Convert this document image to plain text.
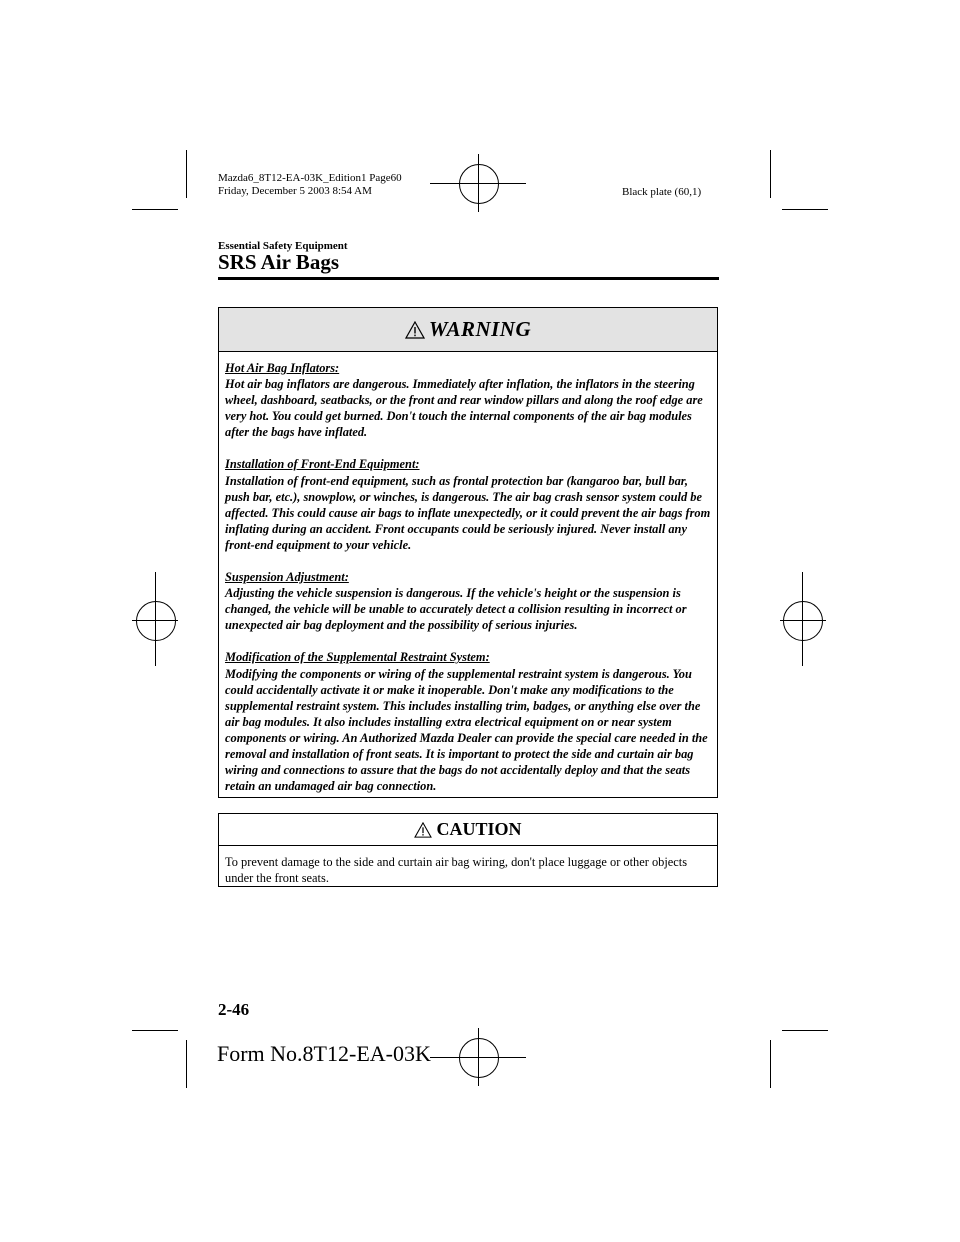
Mazda6_8T12-EA-03K_Edition1 Page60
Friday, December 5 2003 8:54 AM	Black plate (60,1)
Essential Safety Equipment
SRS Air Bags
WARNING
Hot Air Bag Inflators:
Hot air bag inflators are dangerous. Immediately after inflation, the inflators in the steering wheel, dashboard, seatbacks, or the front and rear window pillars and along the roof edge are very hot. You could get burned. Don't touch the internal components of the air bag modules after the bags have inflated.
Installation of Front-End Equipment:
Installation of front-end equipment, such as frontal protection bar (kangaroo bar, bull bar, push bar, etc.), snowplow, or winches, is dangerous. The air bag crash sensor system could be affected. This could cause air bags to inflate unexpectedly, or it could prevent the air bags from inflating during an accident. Front occupants could be seriously injured. Never install any front-end equipment to your vehicle.
Suspension Adjustment:
Adjusting the vehicle suspension is dangerous. If the vehicle's height or the suspension is changed, the vehicle will be unable to accurately detect a collision resulting in incorrect or unexpected air bag deployment and the possibility of serious injuries.
Modification of the Supplemental Restraint System:
Modifying the components or wiring of the supplemental restraint system is dangerous. You could accidentally activate it or make it inoperable. Don't make any modifications to the supplemental restraint system. This includes installing trim, badges, or anything else over the air bag modules. It also includes installing extra electrical equipment on or near system components or wiring. An Authorized Mazda Dealer can provide the special care needed in the removal and installation of front seats. It is important to protect the side and curtain air bag wiring and connections to assure that the bags do not accidentally deploy and that the seats retain an undamaged air bag connection.
CAUTION
To prevent damage to the side and curtain air bag wiring, don't place luggage or other objects under the front seats.
2-46
Form No.8T12-EA-03K
